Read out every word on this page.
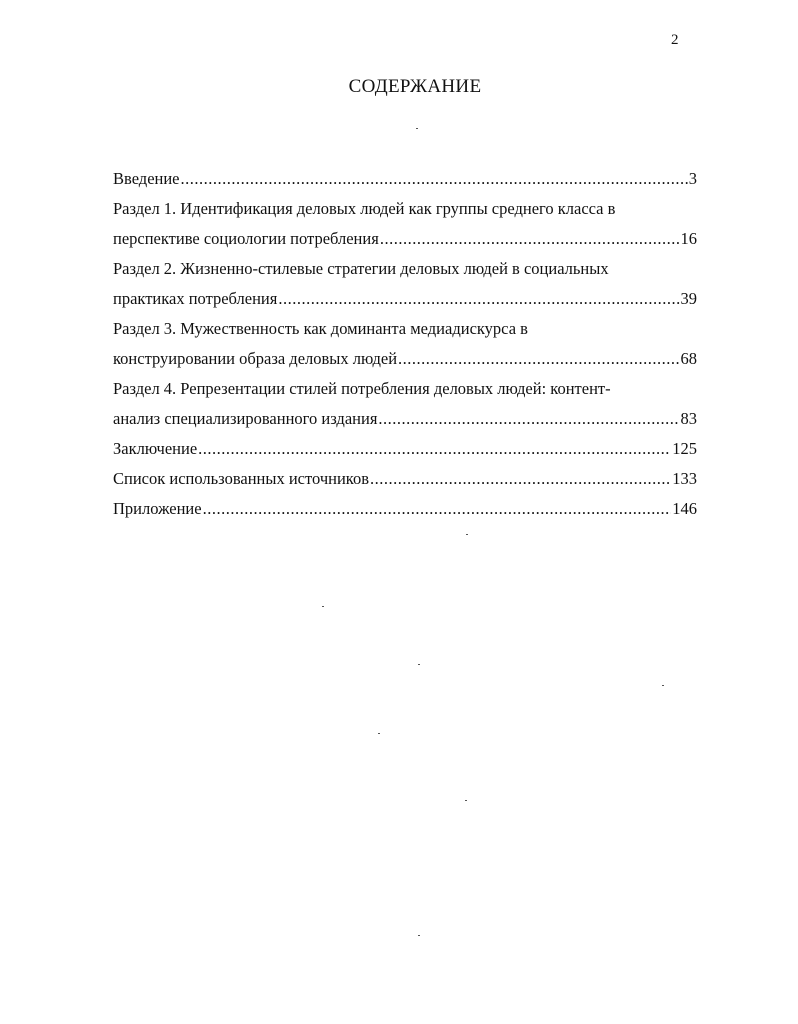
2
СОДЕРЖАНИЕ
Введение .....	3
Раздел 1. Идентификация деловых людей как группы среднего класса в
перспективе социологии потребления .....	16
Раздел 2. Жизненно-стилевые стратегии деловых людей в социальных
практиках потребления .....	39
Раздел 3. Мужественность как доминанта медиадискурса в
конструировании образа деловых людей .....	68
Раздел 4. Репрезентации стилей потребления деловых людей: контент-
анализ специализированного издания .....	83
Заключение .....	125
Список использованных источников .....	133
Приложение .....	146
